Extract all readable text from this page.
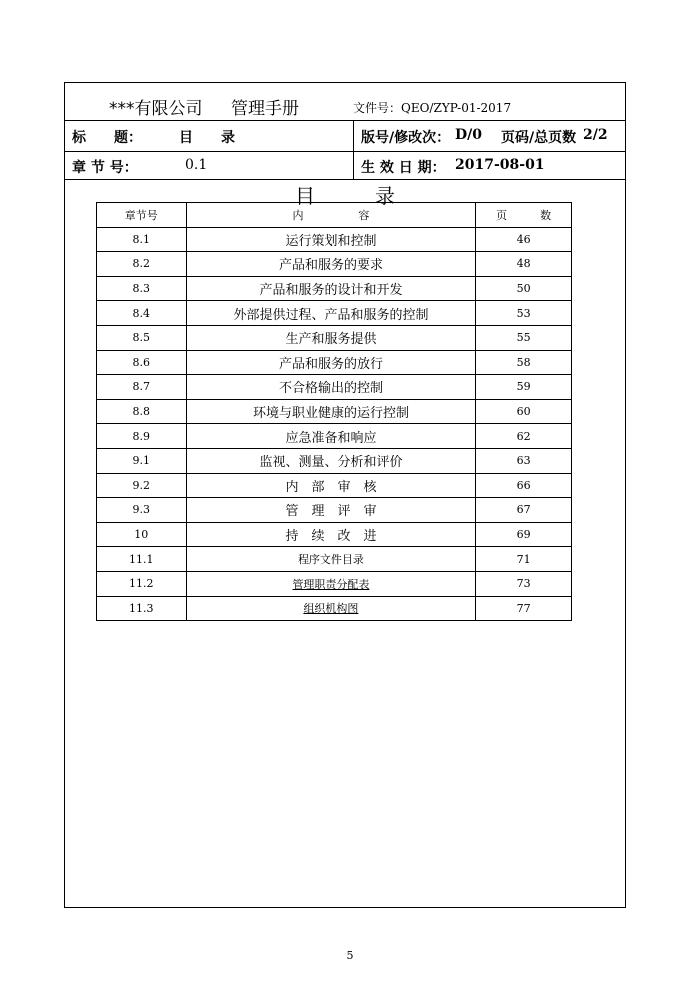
***有限公司 管理手册	文件号：QEO/ZYP-01-2017
标　　题：	目　　录	版号/修改次： D/0 页码/总页数 2/2
章 节 号：	0.1	生 效 日 期： 2017-08-01
目　　　录
章节号	内　　　　　容	页　　　数
8.1	运行策划和控制	46
8.2	产品和服务的要求	48
8.3	产品和服务的设计和开发	50
8.4	外部提供过程、产品和服务的控制	53
8.5	生产和服务提供	55
8.6	产品和服务的放行	58
8.7	不合格输出的控制	59
8.8	环境与职业健康的运行控制	60
8.9	应急准备和响应	62
9.1	监视、测量、分析和评价	63
9.2	内　部　审　核	66
9.3	管　理　评　审	67
10	持　续　改　进	69
11.1	程序文件目录	71
11.2	管理职责分配表	73
11.3	组织机构图	77
5
